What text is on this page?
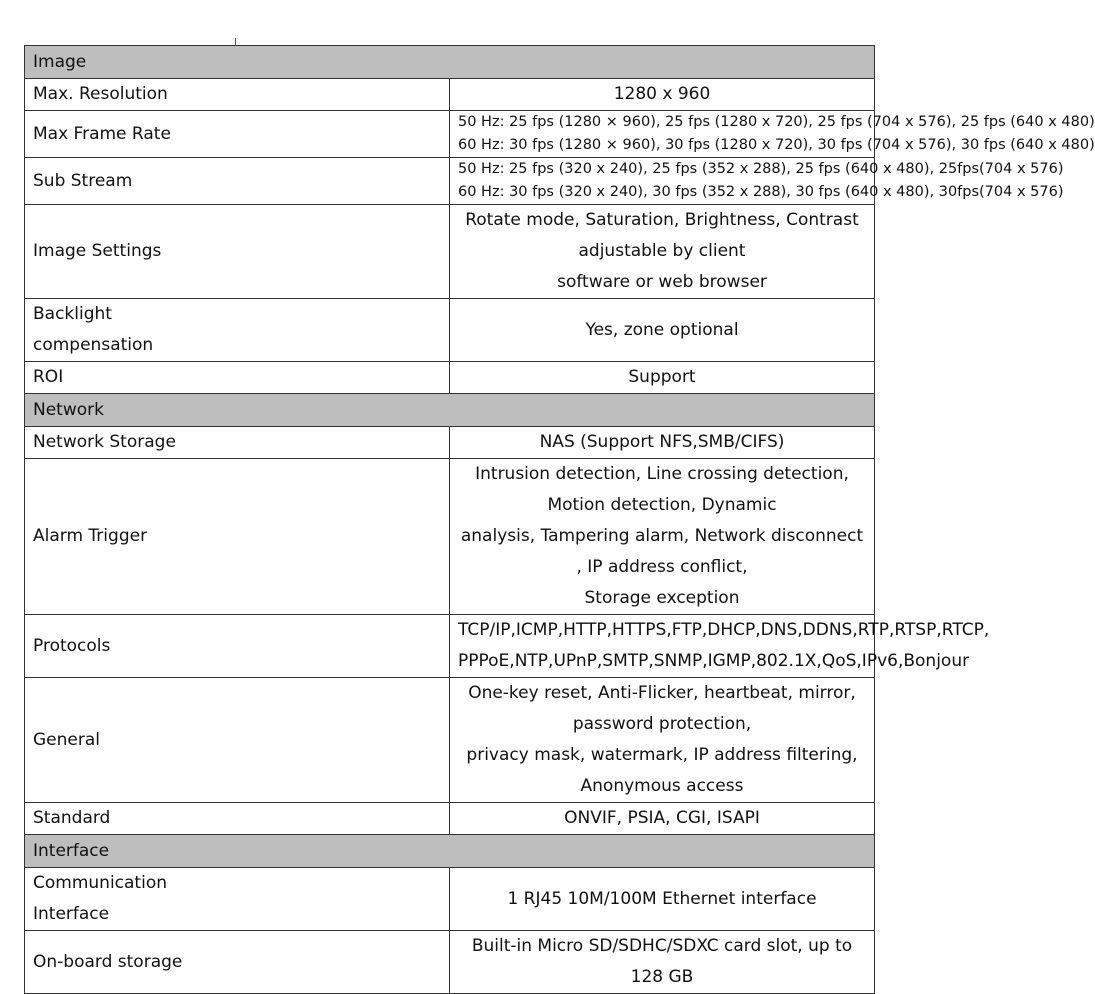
Image	

Max. Resolution	1280 x 960

Max Frame Rate	50 Hz: 25 fps (1280 × 960), 25 fps (1280 x 720), 25 fps (704 x 576), 25 fps (640 x 480)
60 Hz: 30 fps (1280 × 960), 30 fps (1280 x 720), 30 fps (704 x 576), 30 fps (640 x 480)

Sub Stream	50 Hz: 25 fps (320 x 240), 25 fps (352 x 288), 25 fps (640 x 480), 25fps(704 x 576)
60 Hz: 30 fps (320 x 240), 30 fps (352 x 288), 30 fps (640 x 480), 30fps(704 x 576)

Image Settings	Rotate mode, Saturation, Brightness, Contrast adjustable by client
software or web browser

Backlight
compensation	Yes, zone optional

ROI	Support

Network	

Network Storage	NAS (Support NFS,SMB/CIFS)

Alarm Trigger	Intrusion detection, Line crossing detection, Motion detection, Dynamic
analysis, Tampering alarm, Network disconnect , IP address conflict,
Storage exception

Protocols	TCP/IP,ICMP,HTTP,HTTPS,FTP,DHCP,DNS,DDNS,RTP,RTSP,RTCP,
PPPoE,NTP,UPnP,SMTP,SNMP,IGMP,802.1X,QoS,IPv6,Bonjour

General	One-key reset, Anti-Flicker, heartbeat, mirror, password protection,
privacy mask, watermark, IP address filtering, Anonymous access

Standard	ONVIF, PSIA, CGI, ISAPI

Interface	

Communication
Interface	1 RJ45 10M/100M Ethernet interface

On-board storage	Built-in Micro SD/SDHC/SDXC card slot, up to 128 GB
